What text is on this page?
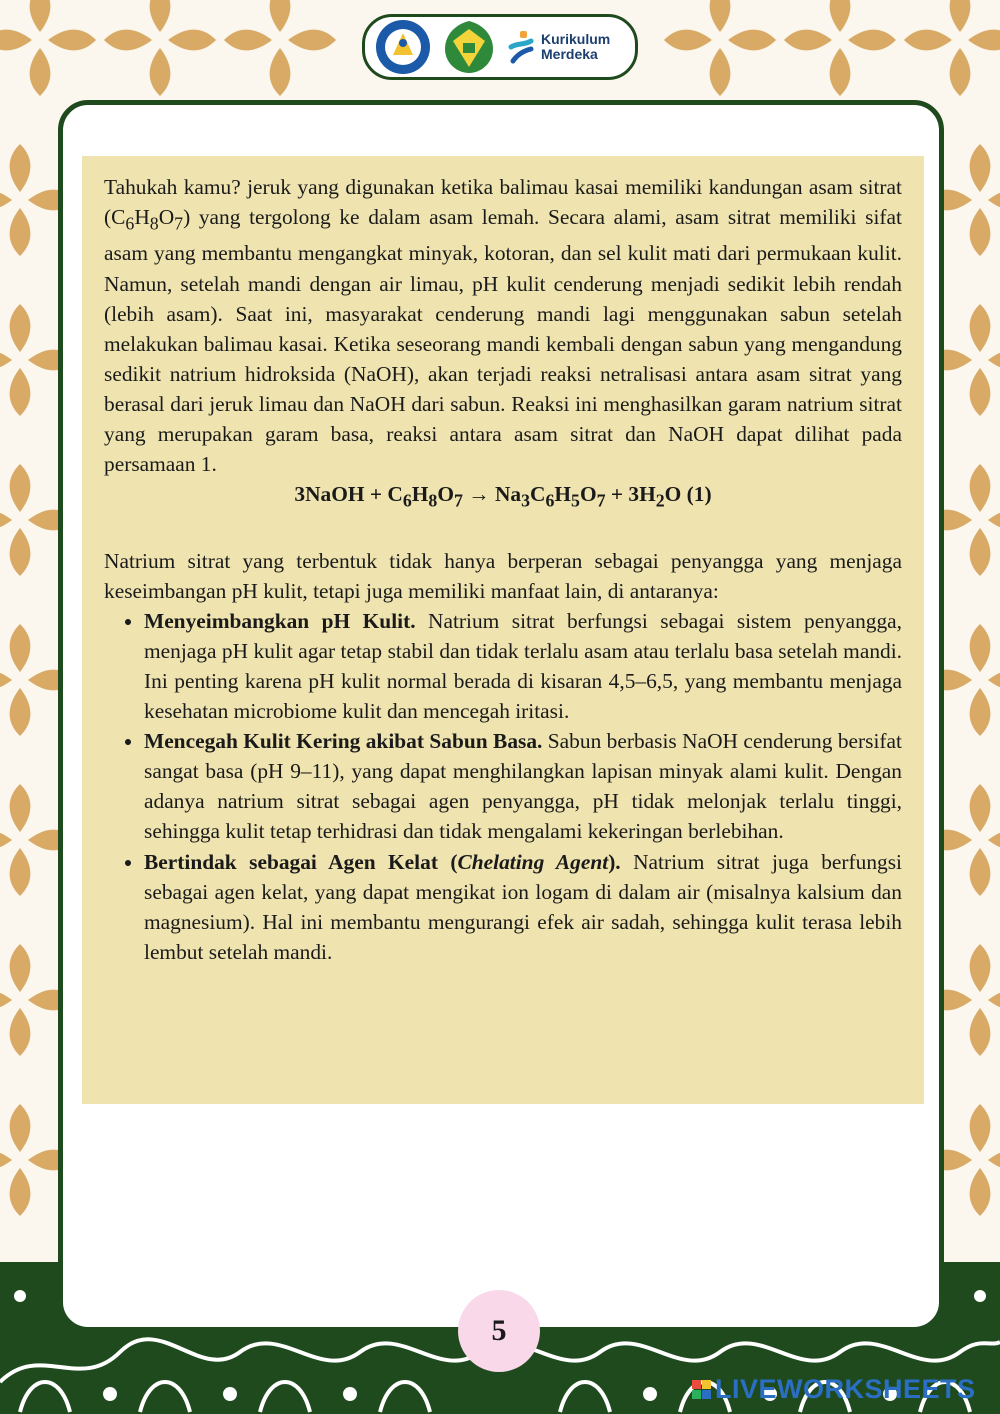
Kurikulum
Merdeka

Tahukah kamu? jeruk yang digunakan ketika balimau kasai memiliki kandungan asam sitrat $(C_6H_8O_7)$ yang tergolong ke dalam asam lemah. Secara alami, asam sitrat memiliki sifat asam yang membantu mengangkat minyak, kotoran, dan sel kulit mati dari permukaan kulit. Namun, setelah mandi dengan air limau, pH kulit cenderung menjadi sedikit lebih rendah (lebih asam). Saat ini, masyarakat cenderung mandi lagi menggunakan sabun setelah melakukan balimau kasai. Ketika seseorang mandi kembali dengan sabun yang mengandung sedikit natrium hidroksida (NaOH), akan terjadi reaksi netralisasi antara asam sitrat yang berasal dari jeruk limau dan NaOH dari sabun. Reaksi ini menghasilkan garam natrium sitrat yang merupakan garam basa, reaksi antara asam sitrat dan NaOH dapat dilihat pada persamaan 1.

3NaOH + $C_6H_8O_7 \to Na_3C_6H_5O_7 + 3H_2O$ (1)

Natrium sitrat yang terbentuk tidak hanya berperan sebagai penyangga yang menjaga keseimbangan pH kulit, tetapi juga memiliki manfaat lain, di antaranya:

• Menyeimbangkan pH Kulit. Natrium sitrat berfungsi sebagai sistem penyangga, menjaga pH kulit agar tetap stabil dan tidak terlalu asam atau terlalu basa setelah mandi. Ini penting karena pH kulit normal berada di kisaran 4,5–6,5, yang membantu menjaga kesehatan microbiome kulit dan mencegah iritasi.
• Mencegah Kulit Kering akibat Sabun Basa. Sabun berbasis NaOH cenderung bersifat sangat basa (pH 9–11), yang dapat menghilangkan lapisan minyak alami kulit. Dengan adanya natrium sitrat sebagai agen penyangga, pH tidak melonjak terlalu tinggi, sehingga kulit tetap terhidrasi dan tidak mengalami kekeringan berlebihan.
• Bertindak sebagai Agen Kelat (Chelating Agent). Natrium sitrat juga berfungsi sebagai agen kelat, yang dapat mengikat ion logam di dalam air (misalnya kalsium dan magnesium). Hal ini membantu mengurangi efek air sadah, sehingga kulit terasa lebih lembut setelah mandi.
5
LIVEWORKSHEETS
